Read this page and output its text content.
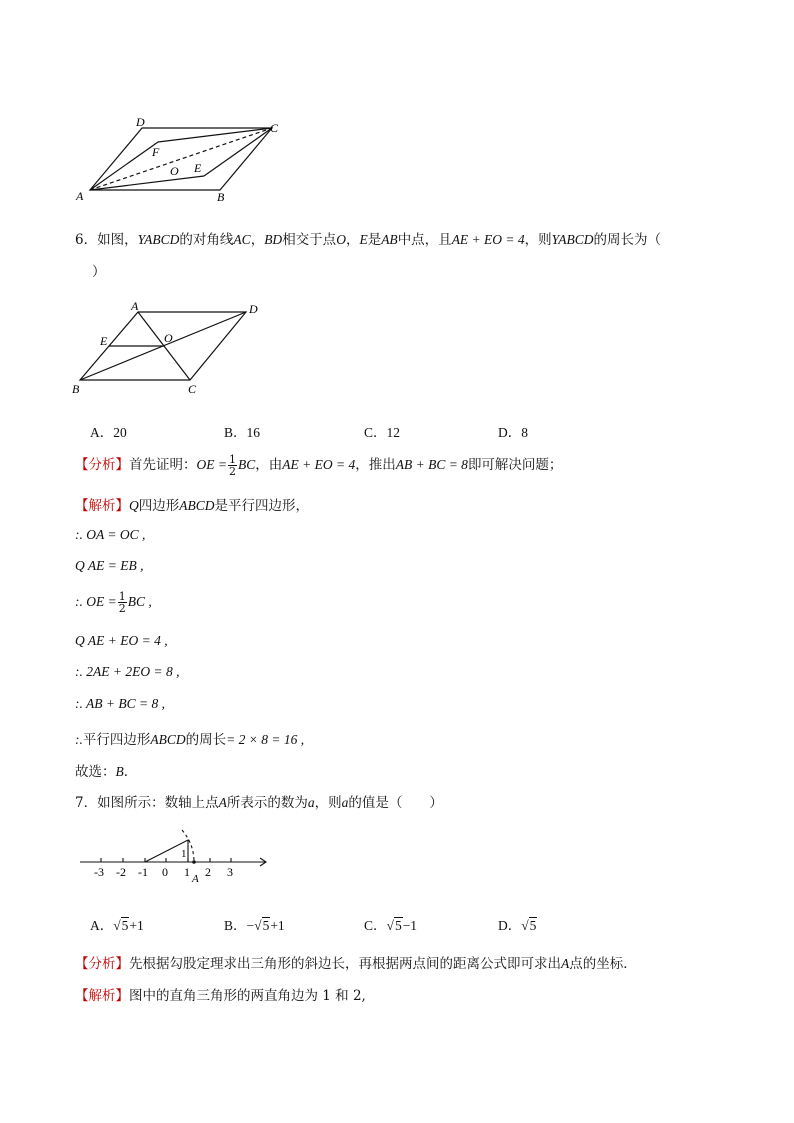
D	C
F
O E
A	B
6．如图，YABCD的对角线AC，BD相交于点O，E是AB中点，且AE + EO = 4，则YABCD的周长为（
）
A	D
E	O
B	C
A．20	B．16	C．12	D．8
【分析】首先证明：OE = $\frac{1}{2}$ BC，由AE + EO = 4，推出AB + BC = 8即可解决问题；
【解析】Q四边形ABCD是平行四边形，
:. OA = OC ,
Q AE = EB ,
:. OE = $\frac{1}{2}$ BC ,
Q AE + EO = 4 ,
:. 2AE + 2EO = 8 ,
:. AB + BC = 8 ,
:.平行四边形ABCD的周长= 2 × 8 = 16 ,
故选：B．
7．如图所示：数轴上点A所表示的数为a，则a的值是（　　）
-3 -2 -1 0 1 2 3
1
A
A．√5+1	B．−√5+1	C．√5−1	D．√5
【分析】先根据勾股定理求出三角形的斜边长，再根据两点间的距离公式即可求出A点的坐标．
【解析】图中的直角三角形的两直角边为 1 和 2,
